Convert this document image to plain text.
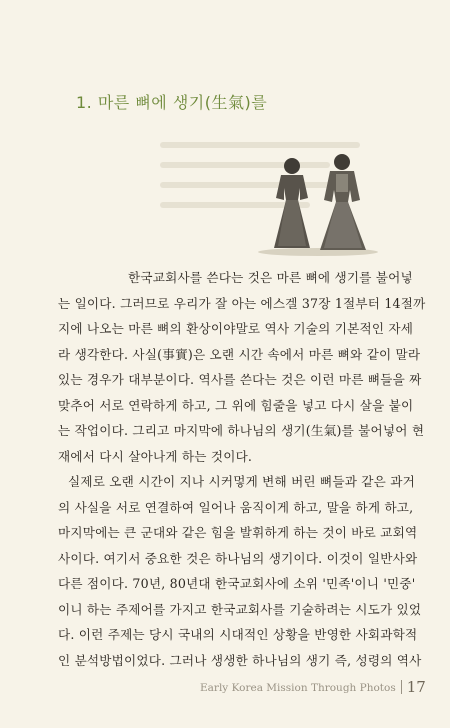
1. 마른 뼈에 생기(生氣)를

한국교회사를 쓴다는 것은 마른 뼈에 생기를 불어넣

는 일이다. 그러므로 우리가 잘 아는 에스겔 37장 1절부터 14절까

지에 나오는 마른 뼈의 환상이야말로 역사 기술의 기본적인 자세

라 생각한다. 사실(事實)은 오랜 시간 속에서 마른 뼈와 같이 말라

있는 경우가 대부분이다. 역사를 쓴다는 것은 이런 마른 뼈들을 짜

맞추어 서로 연락하게 하고, 그 위에 힘줄을 넣고 다시 살을 붙이

는 작업이다. 그리고 마지막에 하나님의 생기(生氣)를 불어넣어 현

재에서 다시 살아나게 하는 것이다.

실제로 오랜 시간이 지나 시커멓게 변해 버린 뼈들과 같은 과거

의 사실을 서로 연결하여 일어나 움직이게 하고, 말을 하게 하고,

마지막에는 큰 군대와 같은 힘을 발휘하게 하는 것이 바로 교회역

사이다. 여기서 중요한 것은 하나님의 생기이다. 이것이 일반사와

다른 점이다. 70년, 80년대 한국교회사에 소위 '민족'이니 '민중'

이니 하는 주제어를 가지고 한국교회사를 기술하려는 시도가 있었

다. 이런 주제는 당시 국내의 시대적인 상황을 반영한 사회과학적

인 분석방법이었다. 그러나 생생한 하나님의 생기 즉, 성령의 역사

Early Korea Mission Through Photos 17
